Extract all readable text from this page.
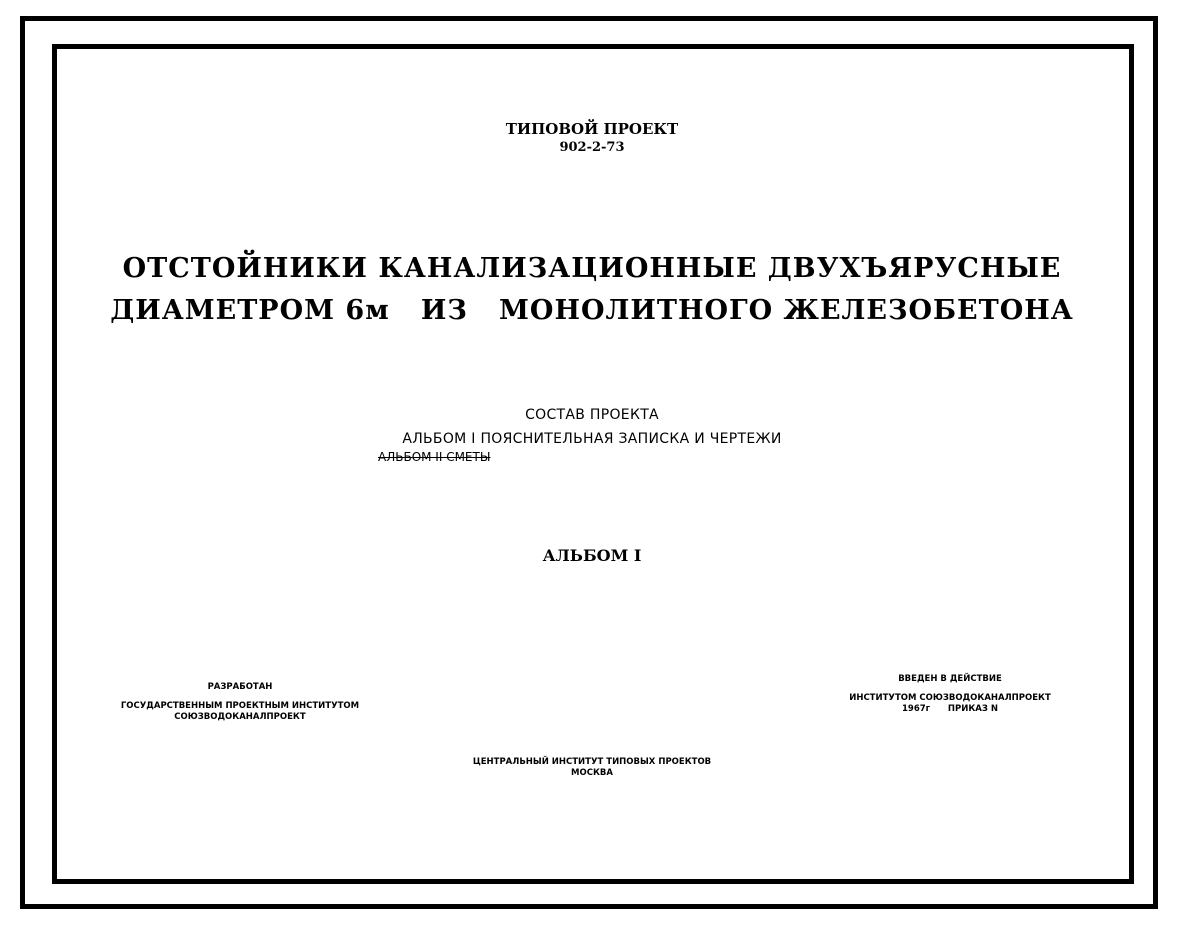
ТИПОВОЙ ПРОЕКТ
902-2-73
ОТСТОЙНИКИ КАНАЛИЗАЦИОННЫЕ ДВУХЪЯРУСНЫЕ
ДИАМЕТРОМ 6м   ИЗ   МОНОЛИТНОГО ЖЕЛЕЗОБЕТОНА
СОСТАВ ПРОЕКТА
АЛЬБОМ I ПОЯСНИТЕЛЬНАЯ ЗАПИСКА И ЧЕРТЕЖИ
АЛЬБОМ II СМЕТЫ
АЛЬБОМ I
РАЗРАБОТАН
ГОСУДАРСТВЕННЫМ ПРОЕКТНЫМ ИНСТИТУТОМ
СОЮЗВОДОКАНАЛПРОЕКТ
ВВЕДЕН В ДЕЙСТВИЕ
ИНСТИТУТОМ СОЮЗВОДОКАНАЛПРОЕКТ
1967г      ПРИКАЗ N
ЦЕНТРАЛЬНЫЙ ИНСТИТУТ ТИПОВЫХ ПРОЕКТОВ
МОСКВА
